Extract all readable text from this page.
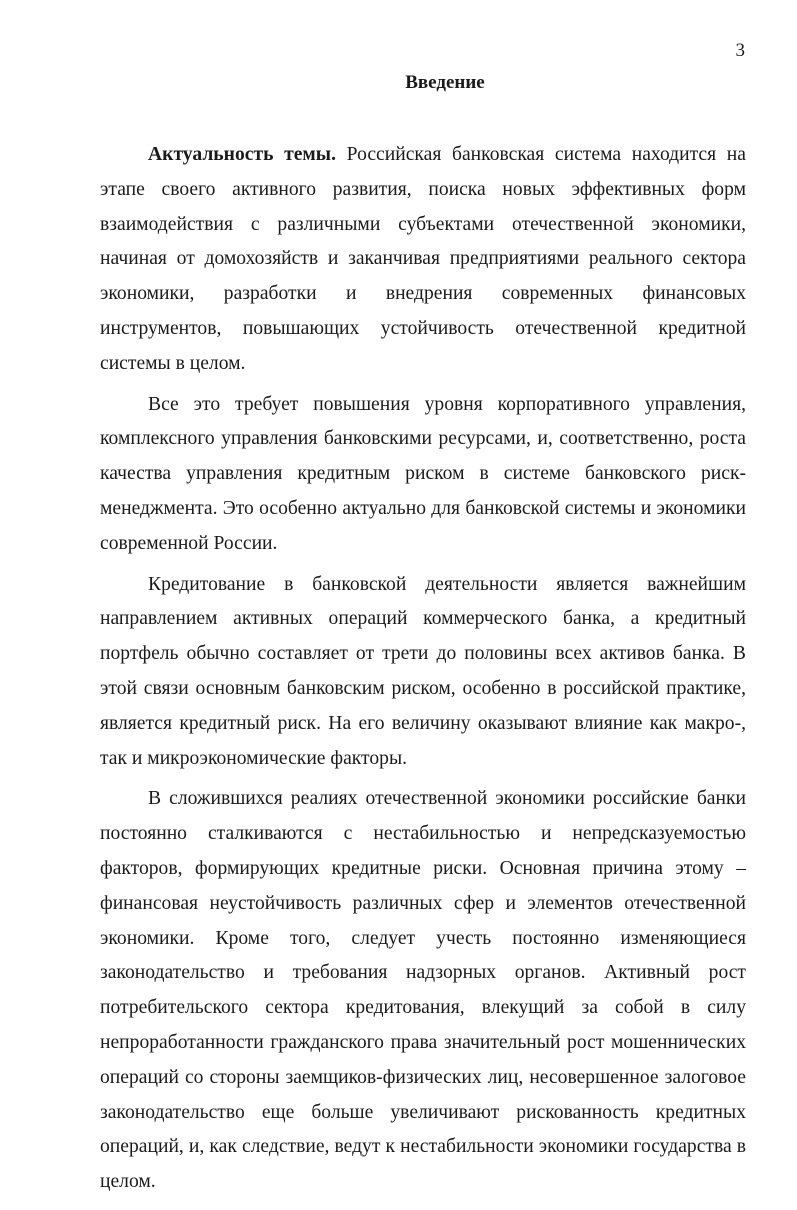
3
Введение

Актуальность темы. Российская банковская система находится на этапе своего активного развития, поиска новых эффективных форм взаимодействия с различными субъектами отечественной экономики, начиная от домохозяйств и заканчивая предприятиями реального сектора экономики, разработки и внедрения современных финансовых инструментов, повышающих устойчивость отечественной кредитной системы в целом.

Все это требует повышения уровня корпоративного управления, комплексного управления банковскими ресурсами, и, соответственно, роста качества управления кредитным риском в системе банковского риск-менеджмента. Это особенно актуально для банковской системы и экономики современной России.

Кредитование в банковской деятельности является важнейшим направлением активных операций коммерческого банка, а кредитный портфель обычно составляет от трети до половины всех активов банка. В этой связи основным банковским риском, особенно в российской практике, является кредитный риск. На его величину оказывают влияние как макро-, так и микроэкономические факторы.

В сложившихся реалиях отечественной экономики российские банки постоянно сталкиваются с нестабильностью и непредсказуемостью факторов, формирующих кредитные риски. Основная причина этому – финансовая неустойчивость различных сфер и элементов отечественной экономики. Кроме того, следует учесть постоянно изменяющиеся законодательство и требования надзорных органов. Активный рост потребительского сектора кредитования, влекущий за собой в силу непроработанности гражданского права значительный рост мошеннических операций со стороны заемщиков-физических лиц, несовершенное залоговое законодательство еще больше увеличивают рискованность кредитных операций, и, как следствие, ведут к нестабильности экономики государства в целом.
